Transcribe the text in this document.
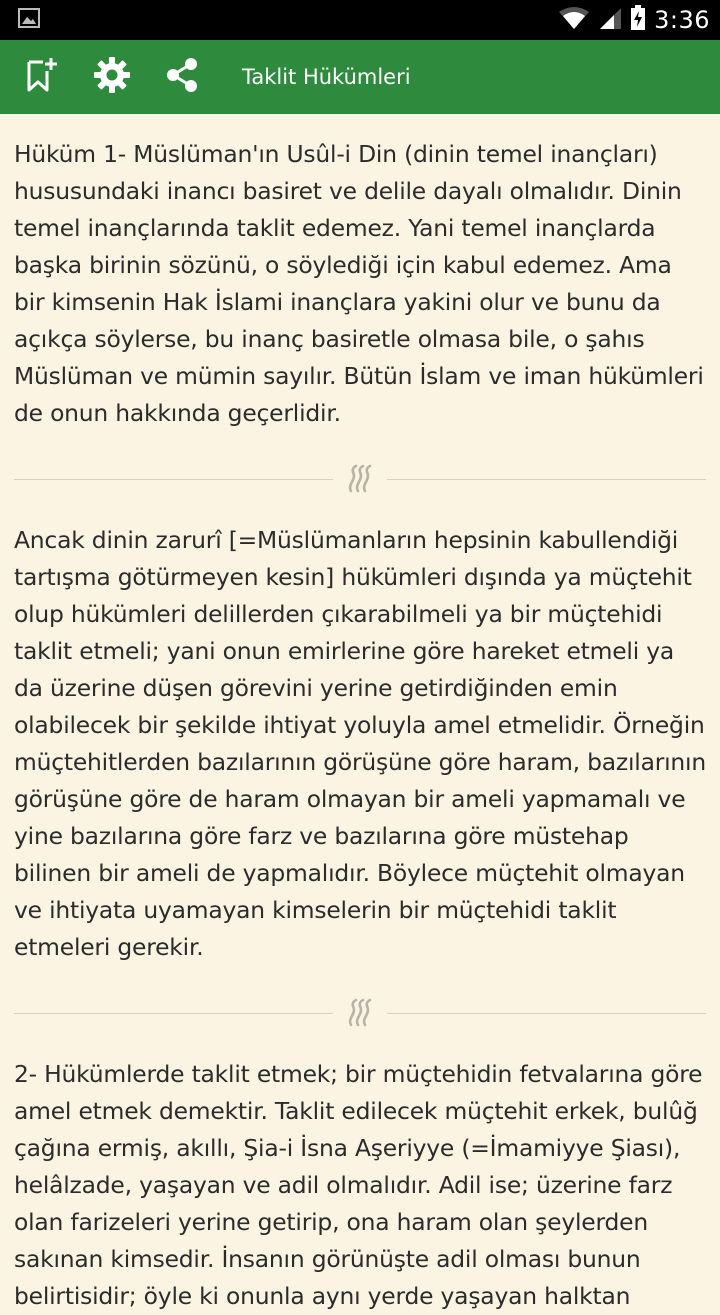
3:36
Taklit Hükümleri

Hüküm 1- Müslüman'ın Usûl-i Din (dinin temel inançları) hususundaki inancı basiret ve delile dayalı olmalıdır. Dinin temel inançlarında taklit edemez. Yani temel inançlarda başka birinin sözünü, o söylediği için kabul edemez. Ama bir kimsenin Hak İslami inançlara yakini olur ve bunu da açıkça söylerse, bu inanç basiretle olmasa bile, o şahıs Müslüman ve mümin sayılır. Bütün İslam ve iman hükümleri de onun hakkında geçerlidir.

Ancak dinin zarurî [=Müslümanların hepsinin kabullendiği tartışma götürmeyen kesin] hükümleri dışında ya müçtehit olup hükümleri delillerden çıkarabilmeli ya bir müçtehidi taklit etmeli; yani onun emirlerine göre hareket etmeli ya da üzerine düşen görevini yerine getirdiğinden emin olabilecek bir şekilde ihtiyat yoluyla amel etmelidir. Örneğin müçtehitlerden bazılarının görüşüne göre haram, bazılarının görüşüne göre de haram olmayan bir ameli yapmamalı ve yine bazılarına göre farz ve bazılarına göre müstehap bilinen bir ameli de yapmalıdır. Böylece müçtehit olmayan ve ihtiyata uyamayan kimselerin bir müçtehidi taklit etmeleri gerekir.

2- Hükümlerde taklit etmek; bir müçtehidin fetvalarına göre amel etmek demektir. Taklit edilecek müçtehit erkek, bulûğ çağına ermiş, akıllı, Şia-i İsna Aşeriyye (=İmamiyye Şiası), helâlzade, yaşayan ve adil olmalıdır. Adil ise; üzerine farz olan farizeleri yerine getirip, ona haram olan şeylerden sakınan kimsedir. İnsanın görünüşte adil olması bunun belirtisidir; öyle ki onunla aynı yerde yaşayan halktan
